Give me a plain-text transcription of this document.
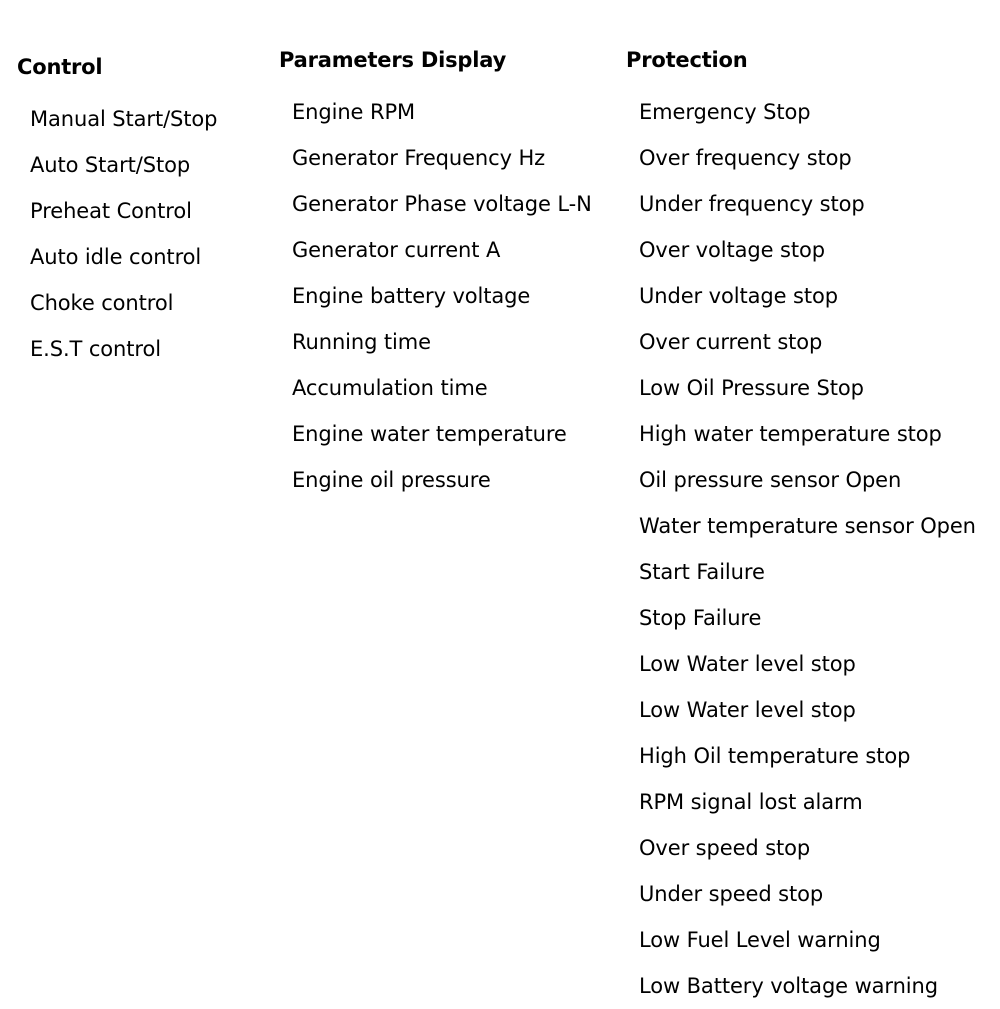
Control
Manual Start/Stop
Auto Start/Stop
Preheat Control
Auto idle control
Choke control
E.S.T control
Parameters Display
Engine RPM
Generator Frequency Hz
Generator Phase voltage L-N
Generator current A
Engine battery voltage
Running time
Accumulation time
Engine water temperature
Engine oil pressure
Protection
Emergency Stop
Over frequency stop
Under frequency stop
Over voltage stop
Under voltage stop
Over current stop
Low Oil Pressure Stop
High water temperature stop
Oil pressure sensor Open
Water temperature sensor Open
Start Failure
Stop Failure
Low Water level stop
Low Water level stop
High Oil temperature stop
RPM signal lost alarm
Over speed stop
Under speed stop
Low Fuel Level warning
Low Battery voltage warning
